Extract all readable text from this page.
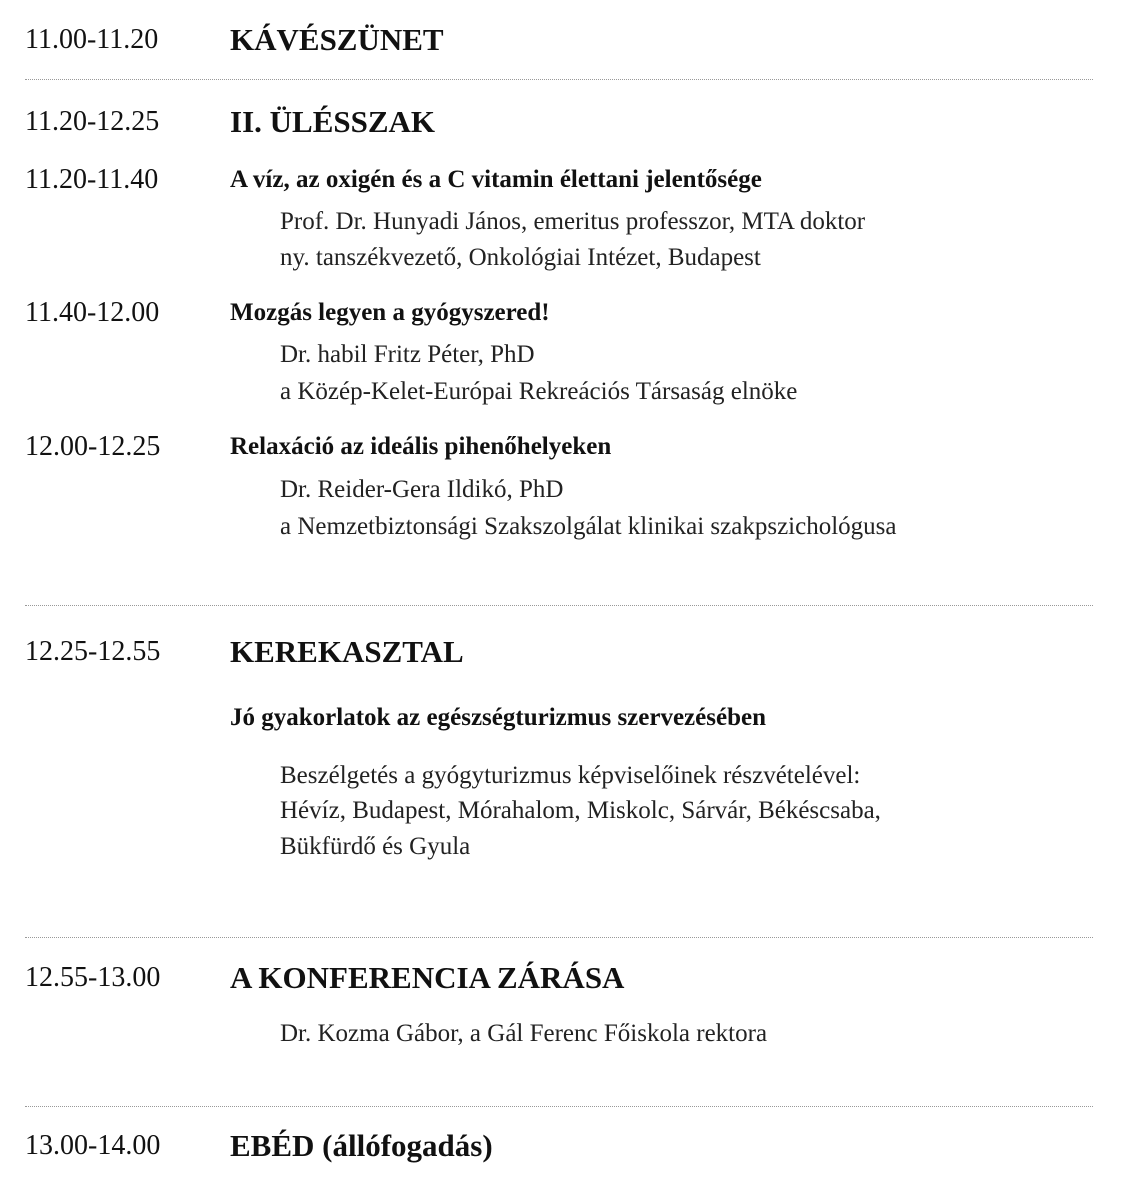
11.00-11.20 KÁVÉSZÜNET
11.20-12.25 II. ÜLÉSSZAK
11.20-11.40	A víz, az oxigén és a C vitamin élettani jelentősége
Prof. Dr. Hunyadi János, emeritus professzor, MTA doktor
ny. tanszékvezető, Onkológiai Intézet, Budapest
11.40-12.00	Mozgás legyen a gyógyszered!
Dr. habil Fritz Péter, PhD
a Közép-Kelet-Európai Rekreációs Társaság elnöke
12.00-12.25	Relaxáció az ideális pihenőhelyeken
Dr. Reider-Gera Ildikó, PhD
a Nemzetbiztonsági Szakszolgálat klinikai szakpszichológusa
12.25-12.55 KEREKASZTAL
Jó gyakorlatok az egészségturizmus szervezésében
Beszélgetés a gyógyturizmus képviselőinek részvételével:
Hévíz, Budapest, Mórahalom, Miskolc, Sárvár, Békéscsaba,
Bükfürdő és Gyula
12.55-13.00 A KONFERENCIA ZÁRÁSA
Dr. Kozma Gábor, a Gál Ferenc Főiskola rektora
13.00-14.00 EBÉD (állófogadás)
